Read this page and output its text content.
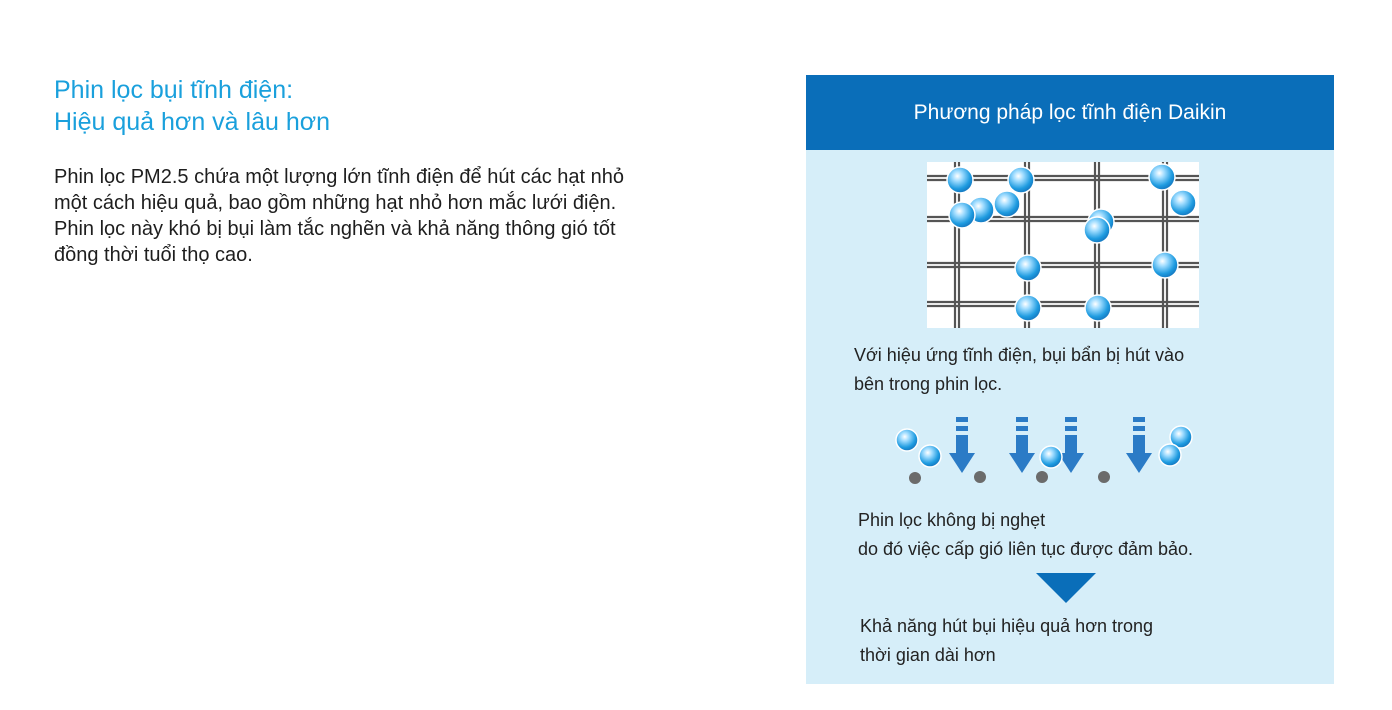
Phin lọc bụi tĩnh điện:
Hiệu quả hơn và lâu hơn

Phin lọc PM2.5 chứa một lượng lớn tĩnh điện để hút các hạt nhỏ
một cách hiệu quả, bao gồm những hạt nhỏ hơn mắc lưới điện.
Phin lọc này khó bị bụi làm tắc nghẽn và khả năng thông gió tốt
đồng thời tuổi thọ cao.

Phương pháp lọc tĩnh điện Daikin

Với hiệu ứng tĩnh điện, bụi bẩn bị hút vào
bên trong phin lọc.

Phin lọc không bị nghẹt
do đó việc cấp gió liên tục được đảm bảo.

Khả năng hút bụi hiệu quả hơn trong
thời gian dài hơn
